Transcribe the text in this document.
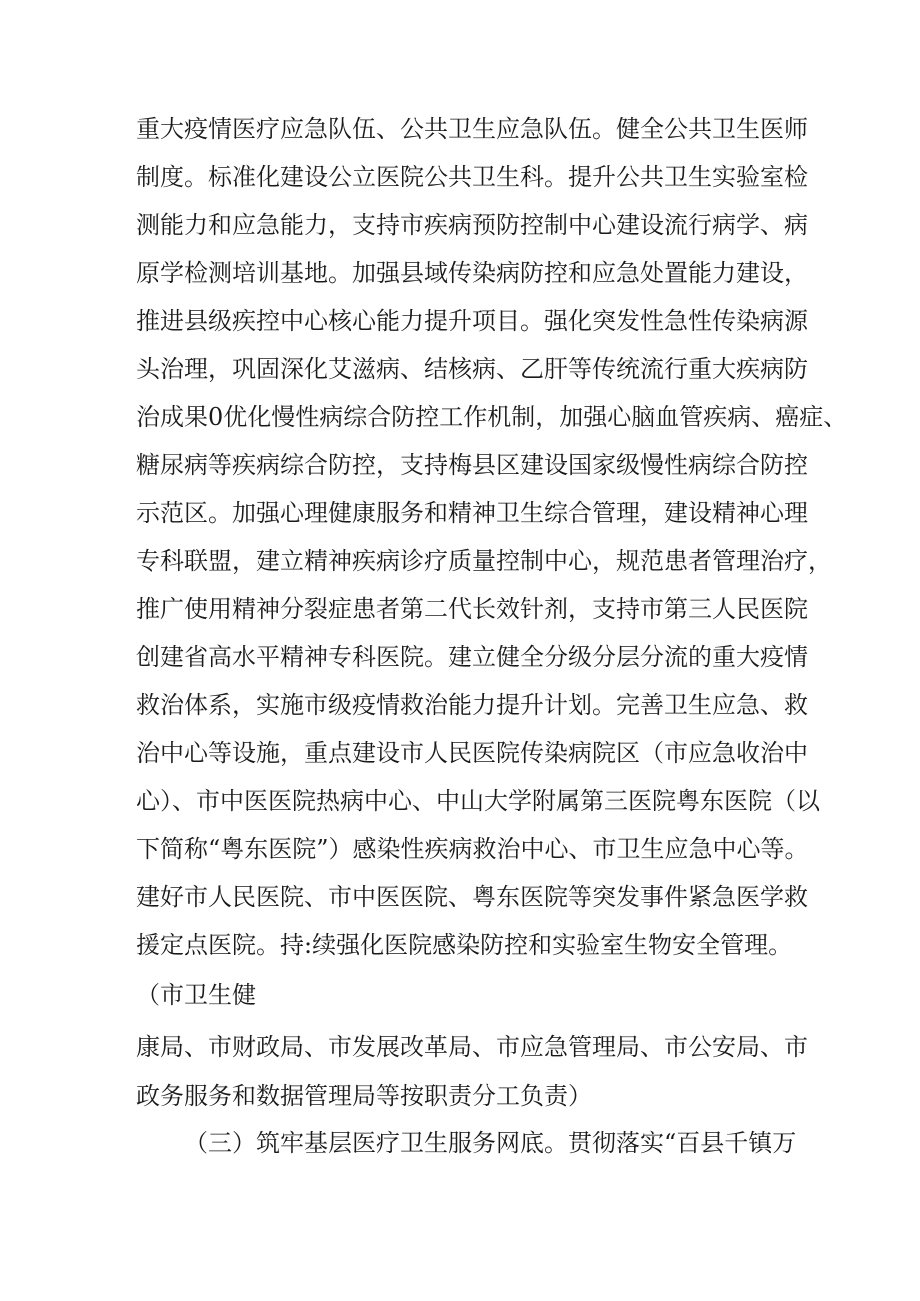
重大疫情医疗应急队伍、公共卫生应急队伍。健全公共卫生医师
制度。标准化建设公立医院公共卫生科。提升公共卫生实验室检
测能力和应急能力，支持市疾病预防控制中心建设流行病学、病
原学检测培训基地。加强县域传染病防控和应急处置能力建设，
推进县级疾控中心核心能力提升项目。强化突发性急性传染病源
头治理，巩固深化艾滋病、结核病、乙肝等传统流行重大疾病防
治成果0优化慢性病综合防控工作机制，加强心脑血管疾病、癌症、
糖尿病等疾病综合防控，支持梅县区建设国家级慢性病综合防控
示范区。加强心理健康服务和精神卫生综合管理，建设精神心理
专科联盟，建立精神疾病诊疗质量控制中心，规范患者管理治疗，
推广使用精神分裂症患者第二代长效针剂，支持市第三人民医院
创建省高水平精神专科医院。建立健全分级分层分流的重大疫情
救治体系，实施市级疫情救治能力提升计划。完善卫生应急、救
治中心等设施，重点建设市人民医院传染病院区（市应急收治中
心）、市中医医院热病中心、中山大学附属第三医院粤东医院（以
下简称“粤东医院”）感染性疾病救治中心、市卫生应急中心等。
建好市人民医院、市中医医院、粤东医院等突发事件紧急医学救
援定点医院。持:续强化医院感染防控和实验室生物安全管理。
（市卫生健
康局、市财政局、市发展改革局、市应急管理局、市公安局、市
政务服务和数据管理局等按职责分工负责）
（三）筑牢基层医疗卫生服务网底。贯彻落实“百县千镇万
